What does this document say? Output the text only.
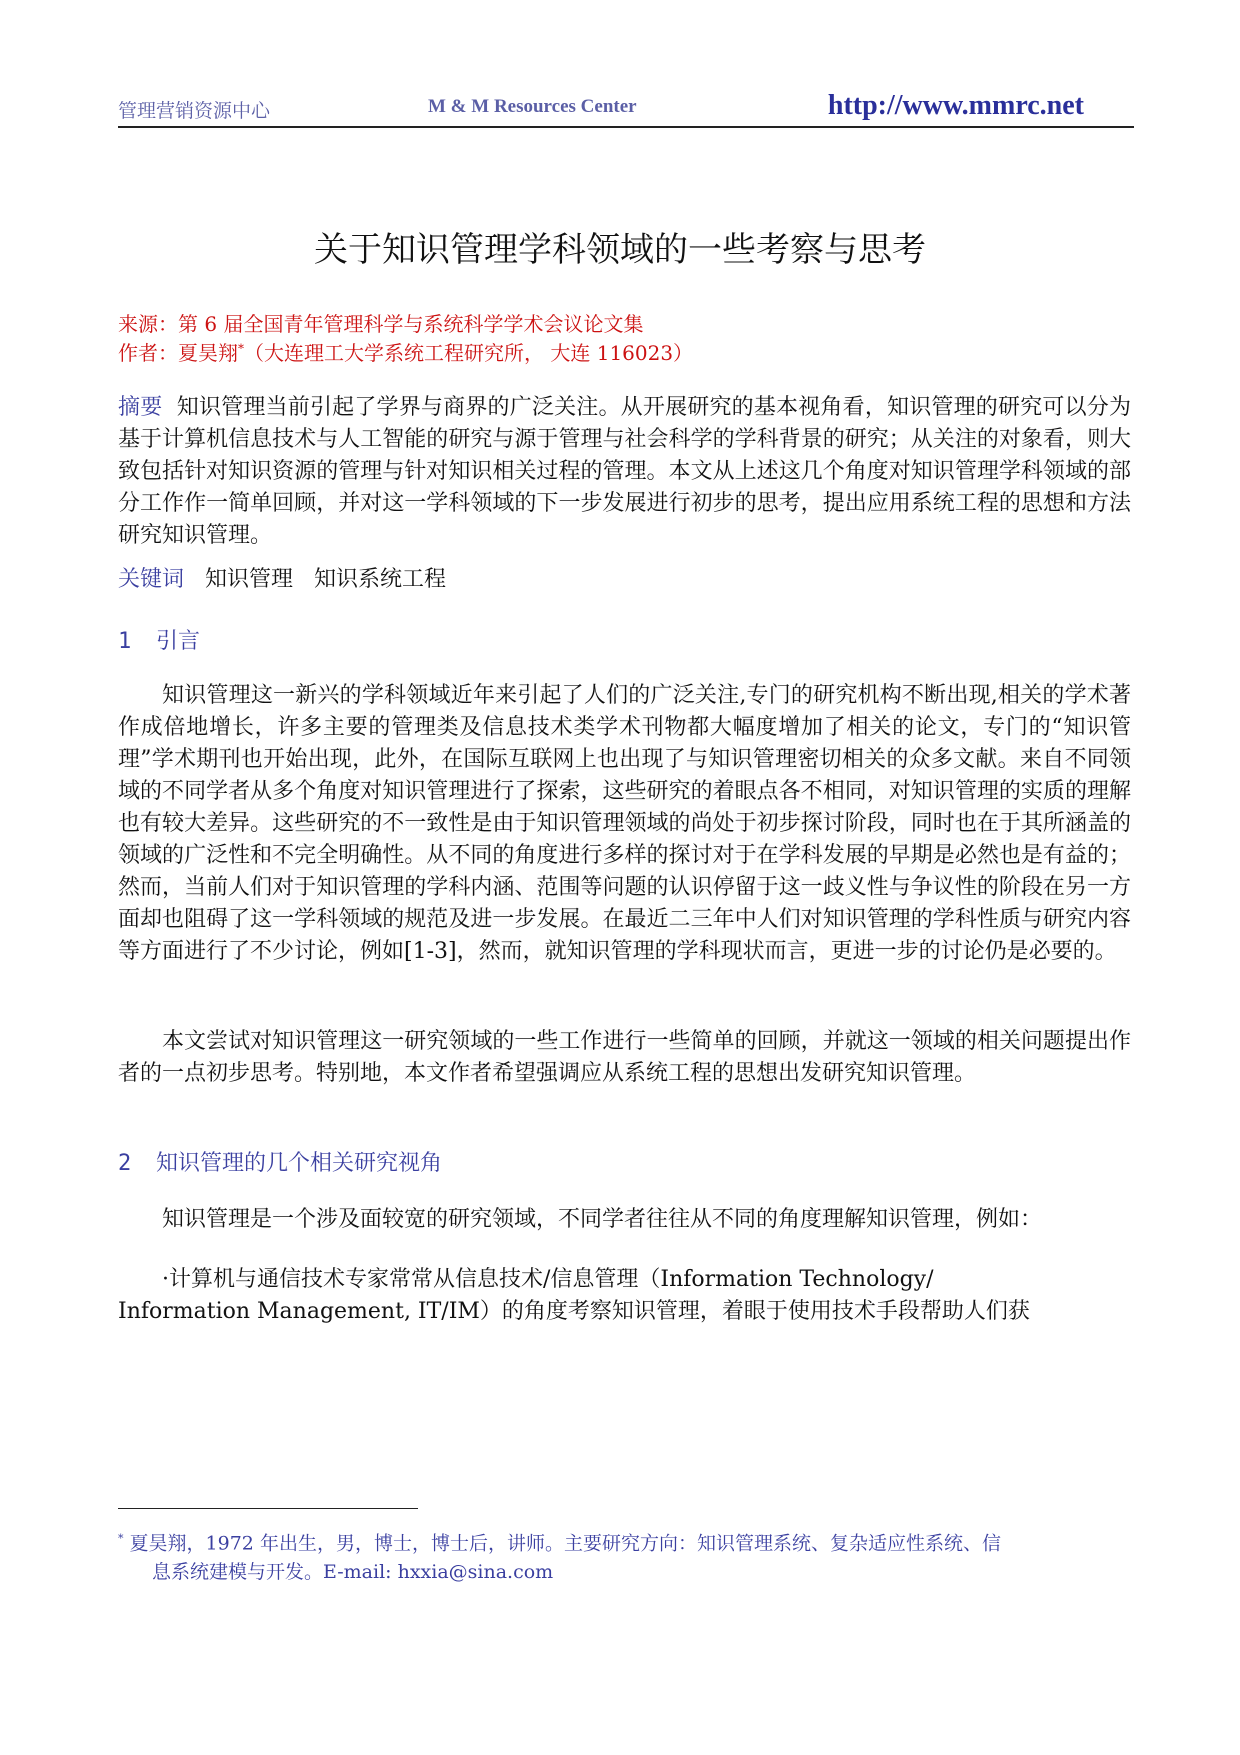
管理营销资源中心	M & M Resources Center	http://www.mmrc.net
关于知识管理学科领域的一些考察与思考
来源：第 6 届全国青年管理科学与系统科学学术会议论文集
作者：夏昊翔*（大连理工大学系统工程研究所， 大连 116023）
摘要 知识管理当前引起了学界与商界的广泛关注。从开展研究的基本视角看，知识管理的研究可以分为基于计算机信息技术与人工智能的研究与源于管理与社会科学的学科背景的研究；从关注的对象看，则大致包括针对知识资源的管理与针对知识相关过程的管理。本文从上述这几个角度对知识管理学科领域的部分工作作一简单回顾，并对这一学科领域的下一步发展进行初步的思考，提出应用系统工程的思想和方法研究知识管理。
关键词 知识管理 知识系统工程
1 引言
知识管理这一新兴的学科领域近年来引起了人们的广泛关注,专门的研究机构不断出现,相关的学术著作成倍地增长，许多主要的管理类及信息技术类学术刊物都大幅度增加了相关的论文，专门的“知识管理”学术期刊也开始出现，此外，在国际互联网上也出现了与知识管理密切相关的众多文献。来自不同领域的不同学者从多个角度对知识管理进行了探索，这些研究的着眼点各不相同，对知识管理的实质的理解也有较大差异。这些研究的不一致性是由于知识管理领域的尚处于初步探讨阶段，同时也在于其所涵盖的领域的广泛性和不完全明确性。从不同的角度进行多样的探讨对于在学科发展的早期是必然也是有益的；然而，当前人们对于知识管理的学科内涵、范围等问题的认识停留于这一歧义性与争议性的阶段在另一方面却也阻碍了这一学科领域的规范及进一步发展。在最近二三年中人们对知识管理的学科性质与研究内容等方面进行了不少讨论，例如[1-3]，然而，就知识管理的学科现状而言，更进一步的讨论仍是必要的。
本文尝试对知识管理这一研究领域的一些工作进行一些简单的回顾，并就这一领域的相关问题提出作者的一点初步思考。特别地，本文作者希望强调应从系统工程的思想出发研究知识管理。
2 知识管理的几个相关研究视角
知识管理是一个涉及面较宽的研究领域，不同学者往往从不同的角度理解知识管理，例如：
·计算机与通信技术专家常常从信息技术/信息管理（Information Technology/
Information Management, IT/IM）的角度考察知识管理，着眼于使用技术手段帮助人们获
* 夏昊翔，1972 年出生，男，博士，博士后，讲师。主要研究方向：知识管理系统、复杂适应性系统、信
息系统建模与开发。E-mail: hxxia@sina.com
